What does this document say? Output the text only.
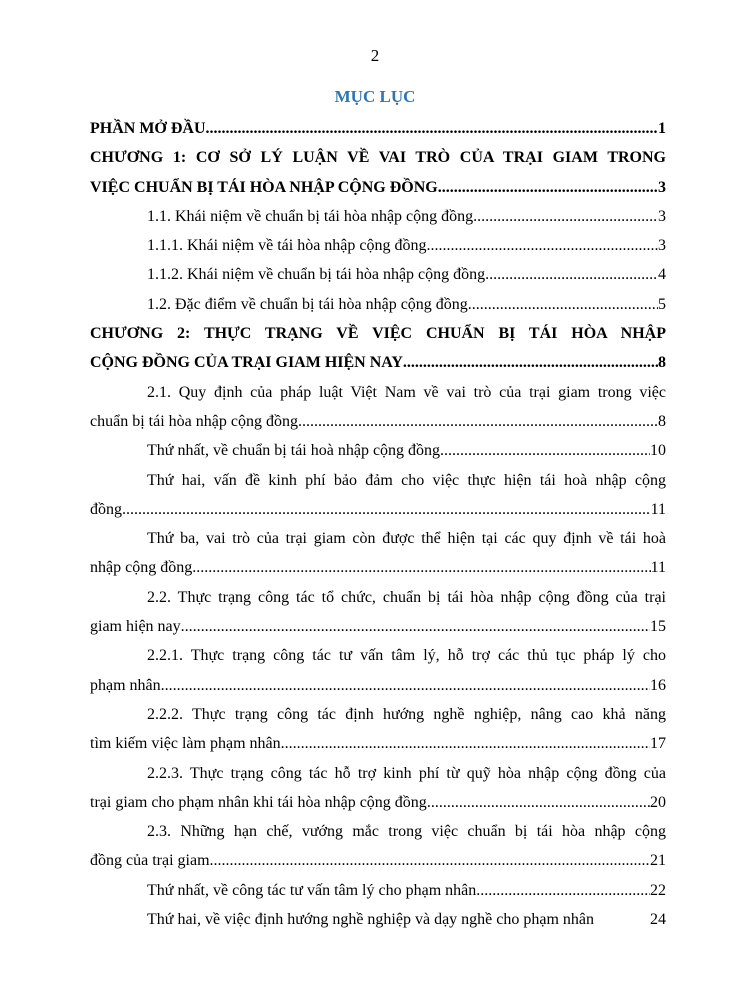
2
MỤC LỤC
PHẦN MỞ ĐẦU .....	1
CHƯƠNG 1: CƠ SỞ LÝ LUẬN VỀ VAI TRÒ CỦA TRẠI GIAM TRONG
VIỆC CHUẨN BỊ TÁI HÒA NHẬP CỘNG ĐỒNG .....	3
1.1. Khái niệm về chuẩn bị tái hòa nhập cộng đồng .....	3
1.1.1. Khái niệm về tái hòa nhập cộng đồng .....	3
1.1.2. Khái niệm về chuẩn bị tái hòa nhập cộng đồng .....	4
1.2. Đặc điểm về chuẩn bị tái hòa nhập cộng đồng .....	5
CHƯƠNG 2: THỰC TRẠNG VỀ VIỆC CHUẨN BỊ TÁI HÒA NHẬP
CỘNG ĐỒNG CỦA TRẠI GIAM HIỆN NAY .....	8
2.1. Quy định của pháp luật Việt Nam về vai trò của trại giam trong việc
chuẩn bị tái hòa nhập cộng đồng .....	8
Thứ nhất, về chuẩn bị tái hoà nhập cộng đồng .....	10
Thứ hai, vấn đề kinh phí bảo đảm cho việc thực hiện tái hoà nhập cộng
đồng .....	11
Thứ ba, vai trò của trại giam còn được thể hiện tại các quy định về tái hoà
nhập cộng đồng .....	11
2.2. Thực trạng công tác tổ chức, chuẩn bị tái hòa nhập cộng đồng của trại
giam hiện nay .....	15
2.2.1. Thực trạng công tác tư vấn tâm lý, hỗ trợ các thủ tục pháp lý cho
phạm nhân .....	16
2.2.2. Thực trạng công tác định hướng nghề nghiệp, nâng cao khả năng
tìm kiếm việc làm phạm nhân .....	17
2.2.3. Thực trạng công tác hỗ trợ kinh phí từ quỹ hòa nhập cộng đồng của
trại giam cho phạm nhân khi tái hòa nhập cộng đồng .....	20
2.3. Những hạn chế, vướng mắc trong việc chuẩn bị tái hòa nhập cộng
đồng của trại giam .....	21
Thứ nhất, về công tác tư vấn tâm lý cho phạm nhân .....	22
Thứ hai, về việc định hướng nghề nghiệp và dạy nghề cho phạm nhân	24
